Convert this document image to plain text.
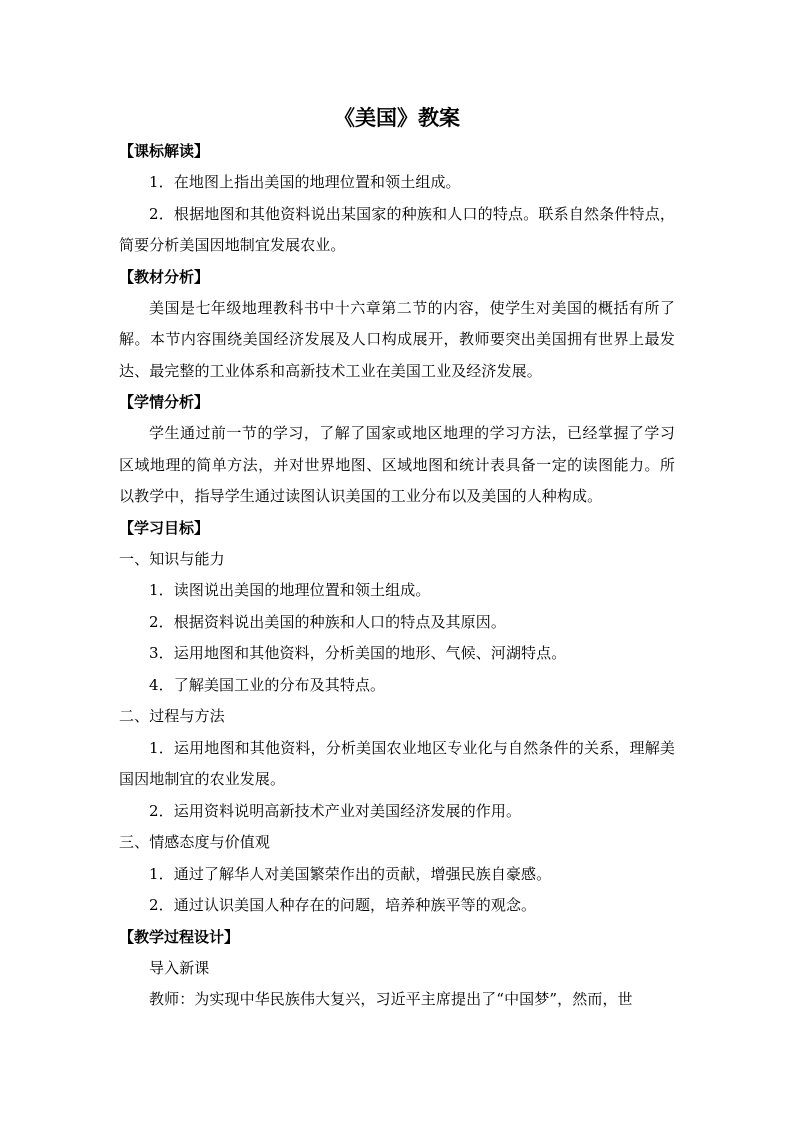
《美国》教案

【课标解读】

1．在地图上指出美国的地理位置和领土组成。

2．根据地图和其他资料说出某国家的种族和人口的特点。联系自然条件特点，简要分析美国因地制宜发展农业。

【教材分析】

美国是七年级地理教科书中十六章第二节的内容，使学生对美国的概括有所了解。本节内容围绕美国经济发展及人口构成展开，教师要突出美国拥有世界上最发达、最完整的工业体系和高新技术工业在美国工业及经济发展。

【学情分析】

学生通过前一节的学习，了解了国家或地区地理的学习方法，已经掌握了学习区域地理的简单方法，并对世界地图、区域地图和统计表具备一定的读图能力。所以教学中，指导学生通过读图认识美国的工业分布以及美国的人种构成。

【学习目标】

一、知识与能力

1．读图说出美国的地理位置和领土组成。

2．根据资料说出美国的种族和人口的特点及其原因。

3．运用地图和其他资料，分析美国的地形、气候、河湖特点。

4．了解美国工业的分布及其特点。

二、过程与方法

1．运用地图和其他资料，分析美国农业地区专业化与自然条件的关系，理解美国因地制宜的农业发展。

2．运用资料说明高新技术产业对美国经济发展的作用。

三、情感态度与价值观

1．通过了解华人对美国繁荣作出的贡献，增强民族自豪感。

2．通过认识美国人种存在的问题，培养种族平等的观念。

【教学过程设计】

导入新课

教师：为实现中华民族伟大复兴，习近平主席提出了“中国梦”，然而，世
